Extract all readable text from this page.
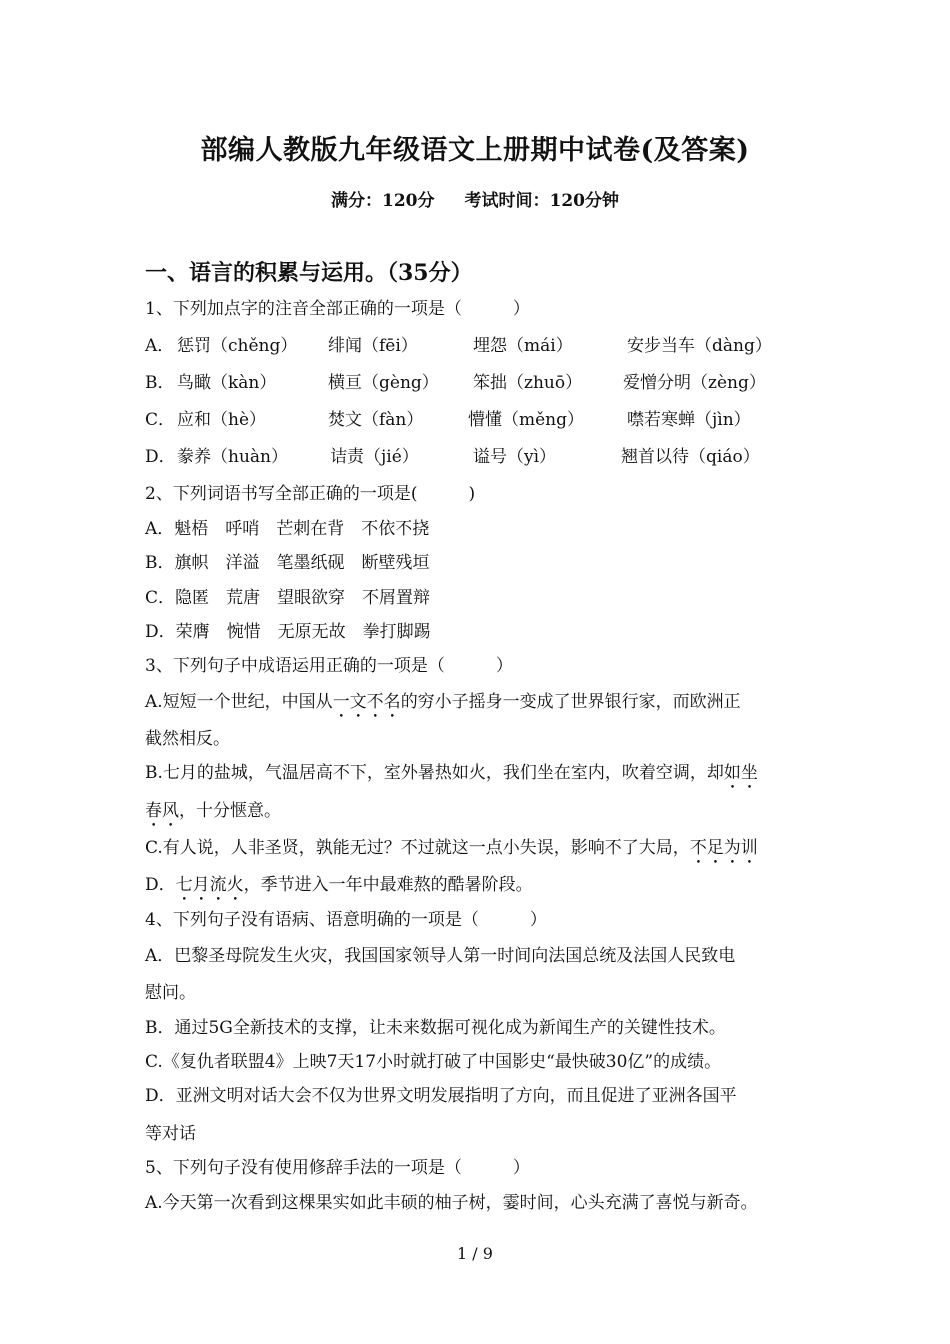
部编人教版九年级语文上册期中试卷(及答案)
满分：120分 考试时间：120分钟
一、语言的积累与运用。（35分）
1、下列加点字的注音全部正确的一项是（　　　）
A． 惩罚（chěng） 绯闻（fēi）	埋怨（mái）	安步当车（dàng）
B． 鸟瞰（kàn）	横亘（gèng） 笨拙（zhuō） 爱憎分明（zèng）
C． 应和（hè）	焚文（fàn）	懵懂（měng）	噤若寒蝉（jìn）
D． 豢养（huàn） 诘责（jié）	谥号（yì）	翘首以待（qiáo）
2、下列词语书写全部正确的一项是(　　　)
A．魁梧　呼哨　芒刺在背　不依不挠
B．旗帜　洋溢　笔墨纸砚　断壁残垣
C．隐匿　荒唐　望眼欲穿　不屑置辩
D．荣膺　惋惜　无原无故　拳打脚踢
3、下列句子中成语运用正确的一项是（　　　）
A.短短一个世纪，中国从一文不名的穷小子摇身一变成了世界银行家，而欧洲正
截然相反。
B.七月的盐城，气温居高不下，室外暑热如火，我们坐在室内，吹着空调，却如坐
春风，十分惬意。
C.有人说，人非圣贤，孰能无过？不过就这一点小失误，影响不了大局，不足为训
D．七月流火，季节进入一年中最难熬的酷暑阶段。
4、下列句子没有语病、语意明确的一项是（　　　）
A．巴黎圣母院发生火灾，我国国家领导人第一时间向法国总统及法国人民致电
慰问。
B．通过5G全新技术的支撑，让未来数据可视化成为新闻生产的关键性技术。
C.《复仇者联盟4》上映7天17小时就打破了中国影史“最快破30亿”的成绩。
D．亚洲文明对话大会不仅为世界文明发展指明了方向，而且促进了亚洲各国平
等对话
5、下列句子没有使用修辞手法的一项是（　　　）
A.今天第一次看到这棵果实如此丰硕的柚子树，霎时间，心头充满了喜悦与新奇。
1 / 9
